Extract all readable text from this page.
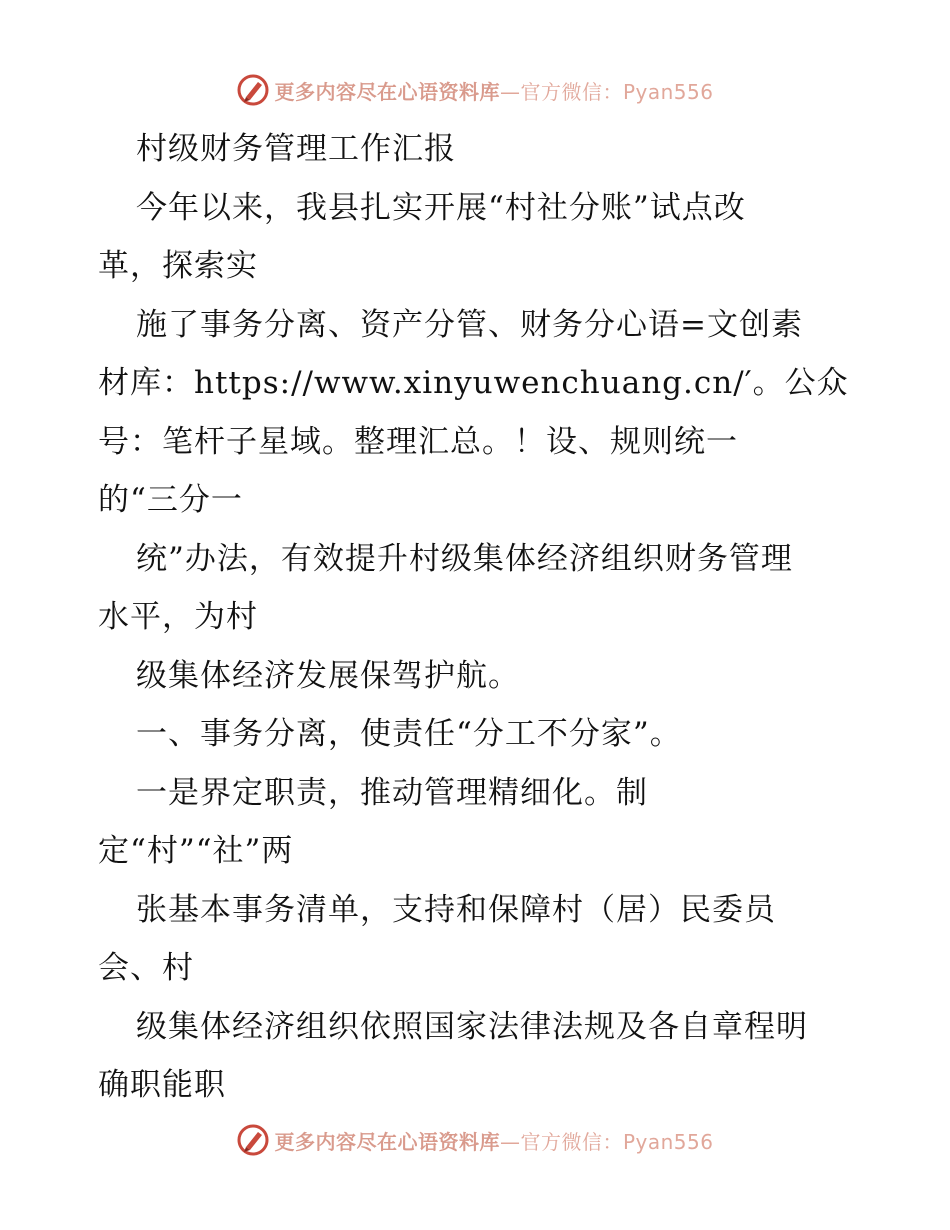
更多内容尽在心语资料库—官方微信：Pyan556
村级财务管理工作汇报
今年以来，我县扎实开展“村社分账”试点改
革，探索实
施了事务分离、资产分管、财务分心语=文创素
材库：https://www.xinyuwenchuang.cn/′。公众
号：笔杆子星域。整理汇总。！设、规则统一
的“三分一
统”办法，有效提升村级集体经济组织财务管理
水平，为村
级集体经济发展保驾护航。
一、事务分离，使责任“分工不分家”。
一是界定职责，推动管理精细化。制
定“村”“社”两
张基本事务清单，支持和保障村（居）民委员
会、村
级集体经济组织依照国家法律法规及各自章程明
确职能职
更多内容尽在心语资料库—官方微信：Pyan556
